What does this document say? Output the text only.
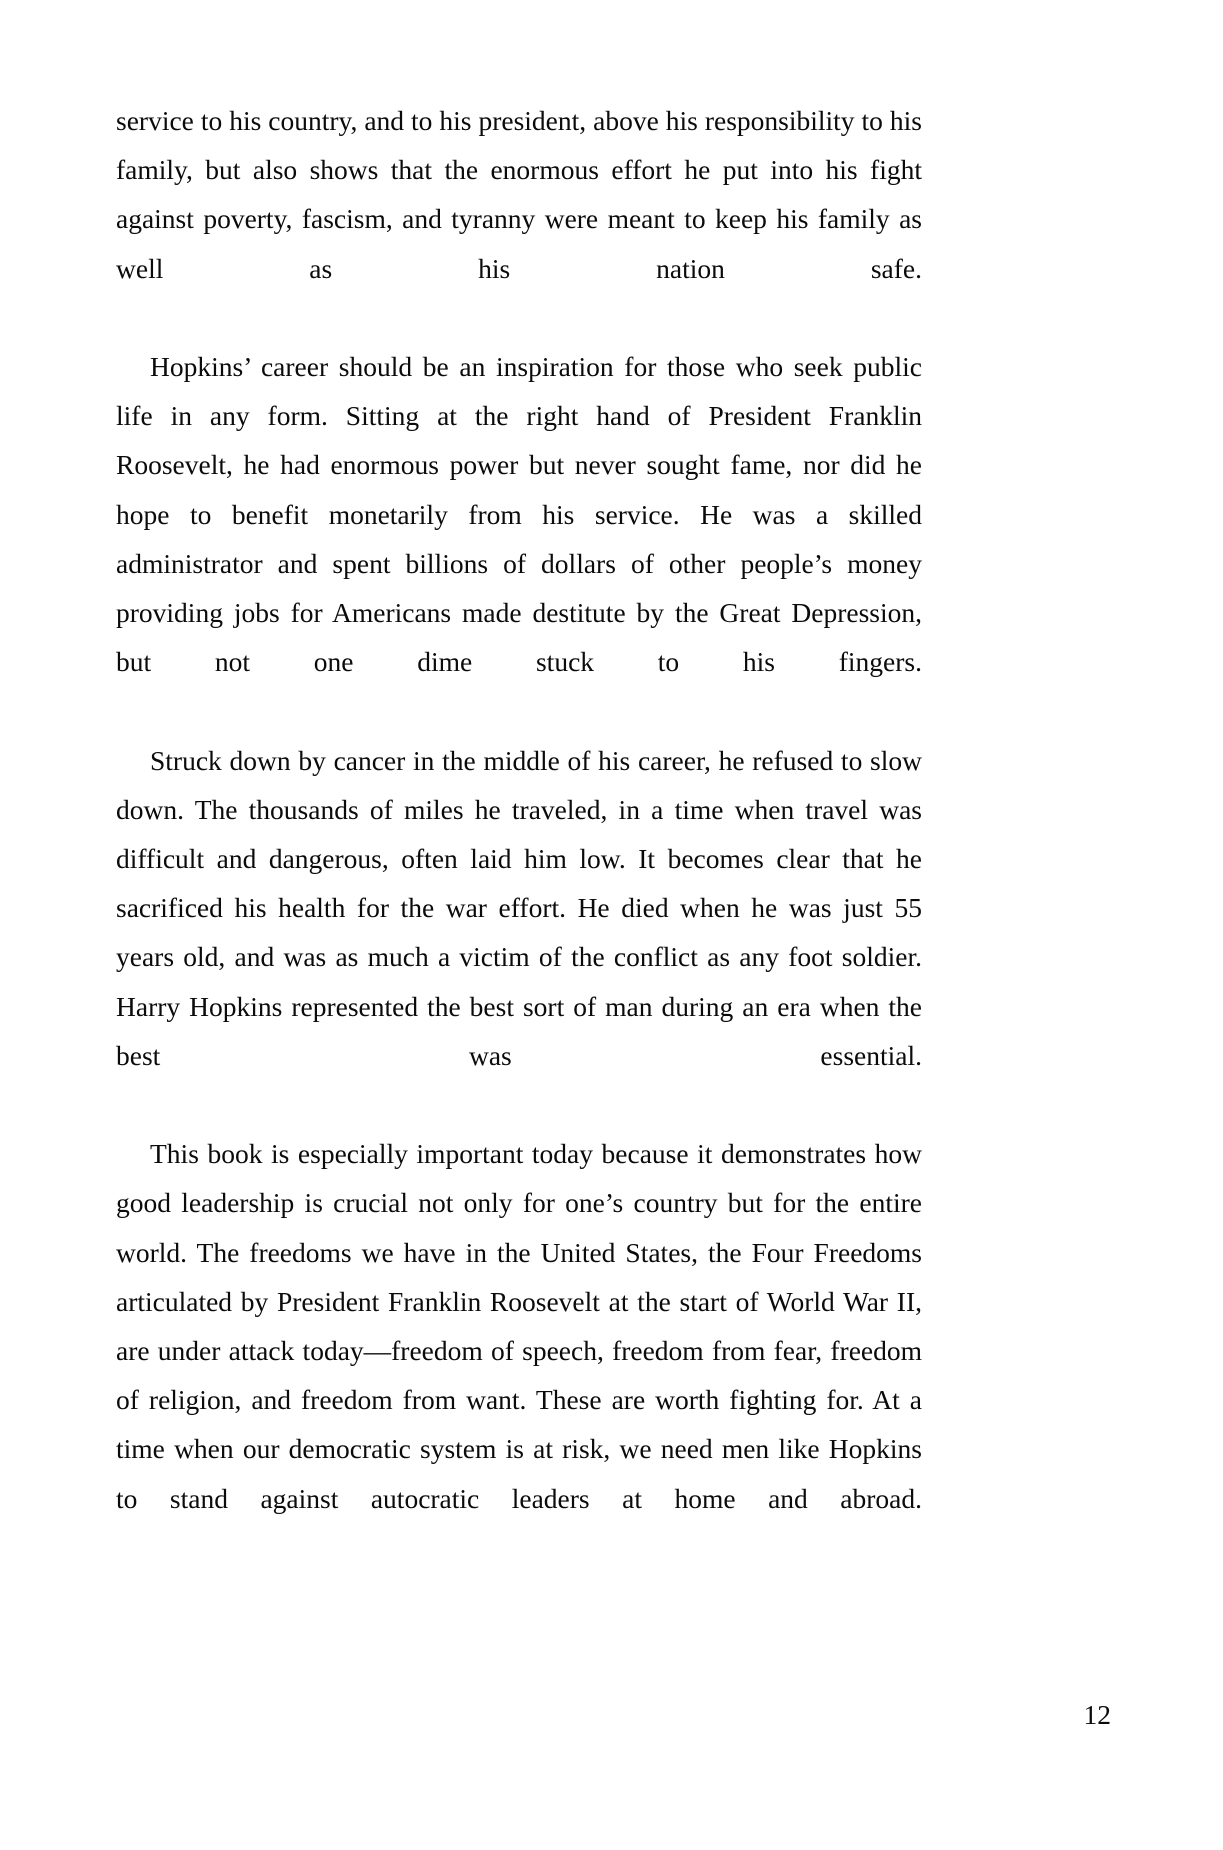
service to his country, and to his president, above his responsibility to his family, but also shows that the enormous effort he put into his fight against poverty, fascism, and tyranny were meant to keep his family as well as his nation safe.

Hopkins’ career should be an inspiration for those who seek public life in any form. Sitting at the right hand of President Franklin Roosevelt, he had enormous power but never sought fame, nor did he hope to benefit monetarily from his service. He was a skilled administrator and spent billions of dollars of other people’s money providing jobs for Americans made destitute by the Great Depression, but not one dime stuck to his fingers.

Struck down by cancer in the middle of his career, he refused to slow down. The thousands of miles he traveled, in a time when travel was difficult and dangerous, often laid him low. It becomes clear that he sacrificed his health for the war effort. He died when he was just 55 years old, and was as much a victim of the conflict as any foot soldier. Harry Hopkins represented the best sort of man during an era when the best was essential.

This book is especially important today because it demonstrates how good leadership is crucial not only for one’s country but for the entire world. The freedoms we have in the United States, the Four Freedoms articulated by President Franklin Roosevelt at the start of World War II, are under attack today—freedom of speech, freedom from fear, freedom of religion, and freedom from want. These are worth fighting for. At a time when our democratic system is at risk, we need men like Hopkins to stand against autocratic leaders at home and abroad.

12
